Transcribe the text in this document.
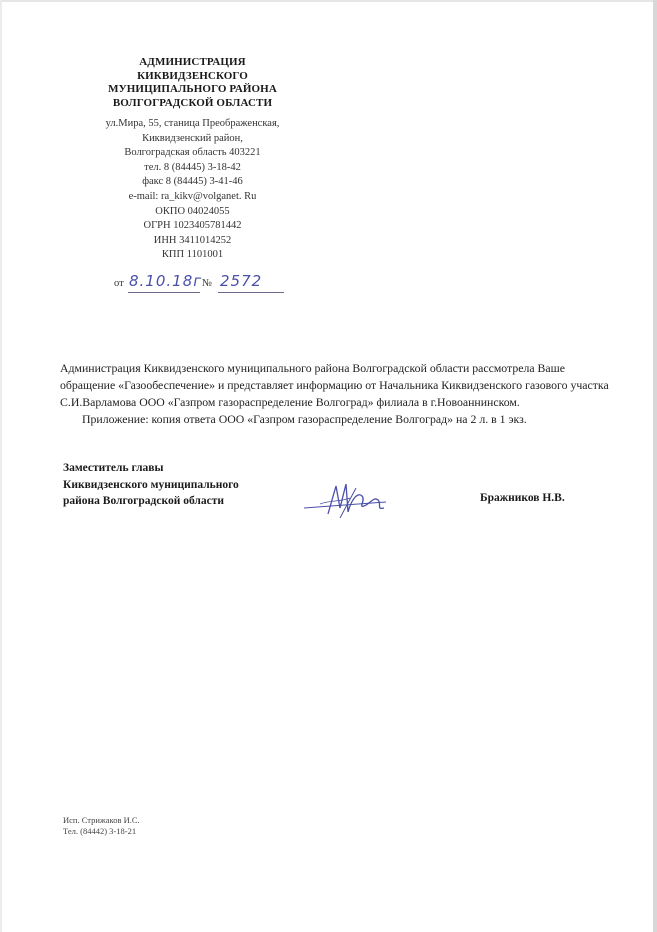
АДМИНИСТРАЦИЯ
КИКВИДЗЕНСКОГО
МУНИЦИПАЛЬНОГО РАЙОНА
ВОЛГОГРАДСКОЙ ОБЛАСТИ
ул.Мира, 55, станица Преображенская,
Киквидзенский район,
Волгоградская область 403221
тел. 8 (84445) 3-18-42
факс 8 (84445) 3-41-46
e-mail: ra_kikv@volganet. Ru
ОКПО 04024055
ОГРН 1023405781442
ИНН 3411014252
КПП 1101001
от 8.10.18г № 2572

Администрация Киквидзенского муниципального района Волгоградской области рассмотрела Ваше обращение «Газообеспечение» и представляет информацию от Начальника Киквидзенского газового участка С.И.Варламова ООО «Газпром газораспределение Волгоград» филиала в г.Новоаннинском.

Приложение: копия ответа ООО «Газпром газораспределение Волгоград» на 2 л. в 1 экз.

Заместитель главы
Киквидзенского муниципального
района Волгоградской области	Бражников Н.В.
Исп. Стрижаков И.С.
Тел. (84442) 3-18-21
